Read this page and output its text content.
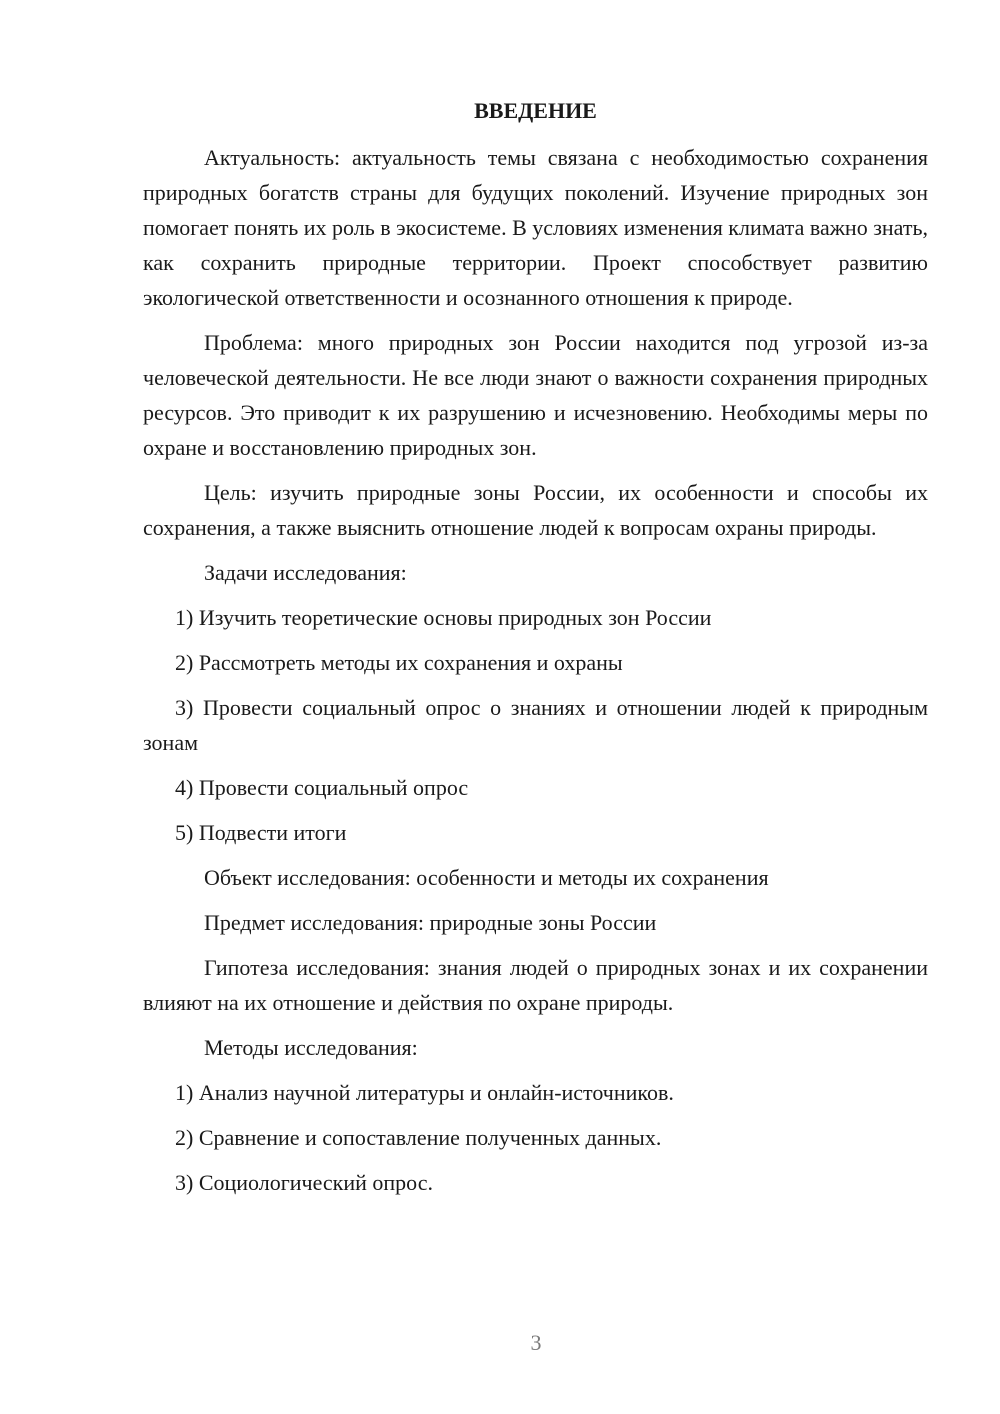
ВВЕДЕНИЕ

Актуальность: актуальность темы связана с необходимостью сохранения природных богатств страны для будущих поколений. Изучение природных зон помогает понять их роль в экосистеме. В условиях изменения климата важно знать, как сохранить природные территории. Проект способствует развитию экологической ответственности и осознанного отношения к природе.

Проблема: много природных зон России находится под угрозой из-за человеческой деятельности. Не все люди знают о важности сохранения природных ресурсов. Это приводит к их разрушению и исчезновению. Необходимы меры по охране и восстановлению природных зон.

Цель: изучить природные зоны России, их особенности и способы их сохранения, а также выяснить отношение людей к вопросам охраны природы.

Задачи исследования:

1) Изучить теоретические основы природных зон России

2) Рассмотреть методы их сохранения и охраны

3) Провести социальный опрос о знаниях и отношении людей к природным зонам

4) Провести социальный опрос

5) Подвести итоги

Объект исследования: особенности и методы их сохранения

Предмет исследования: природные зоны России

Гипотеза исследования: знания людей о природных зонах и их сохранении влияют на их отношение и действия по охране природы.

Методы исследования:

1) Анализ научной литературы и онлайн-источников.

2) Сравнение и сопоставление полученных данных.

3) Социологический опрос.

3
